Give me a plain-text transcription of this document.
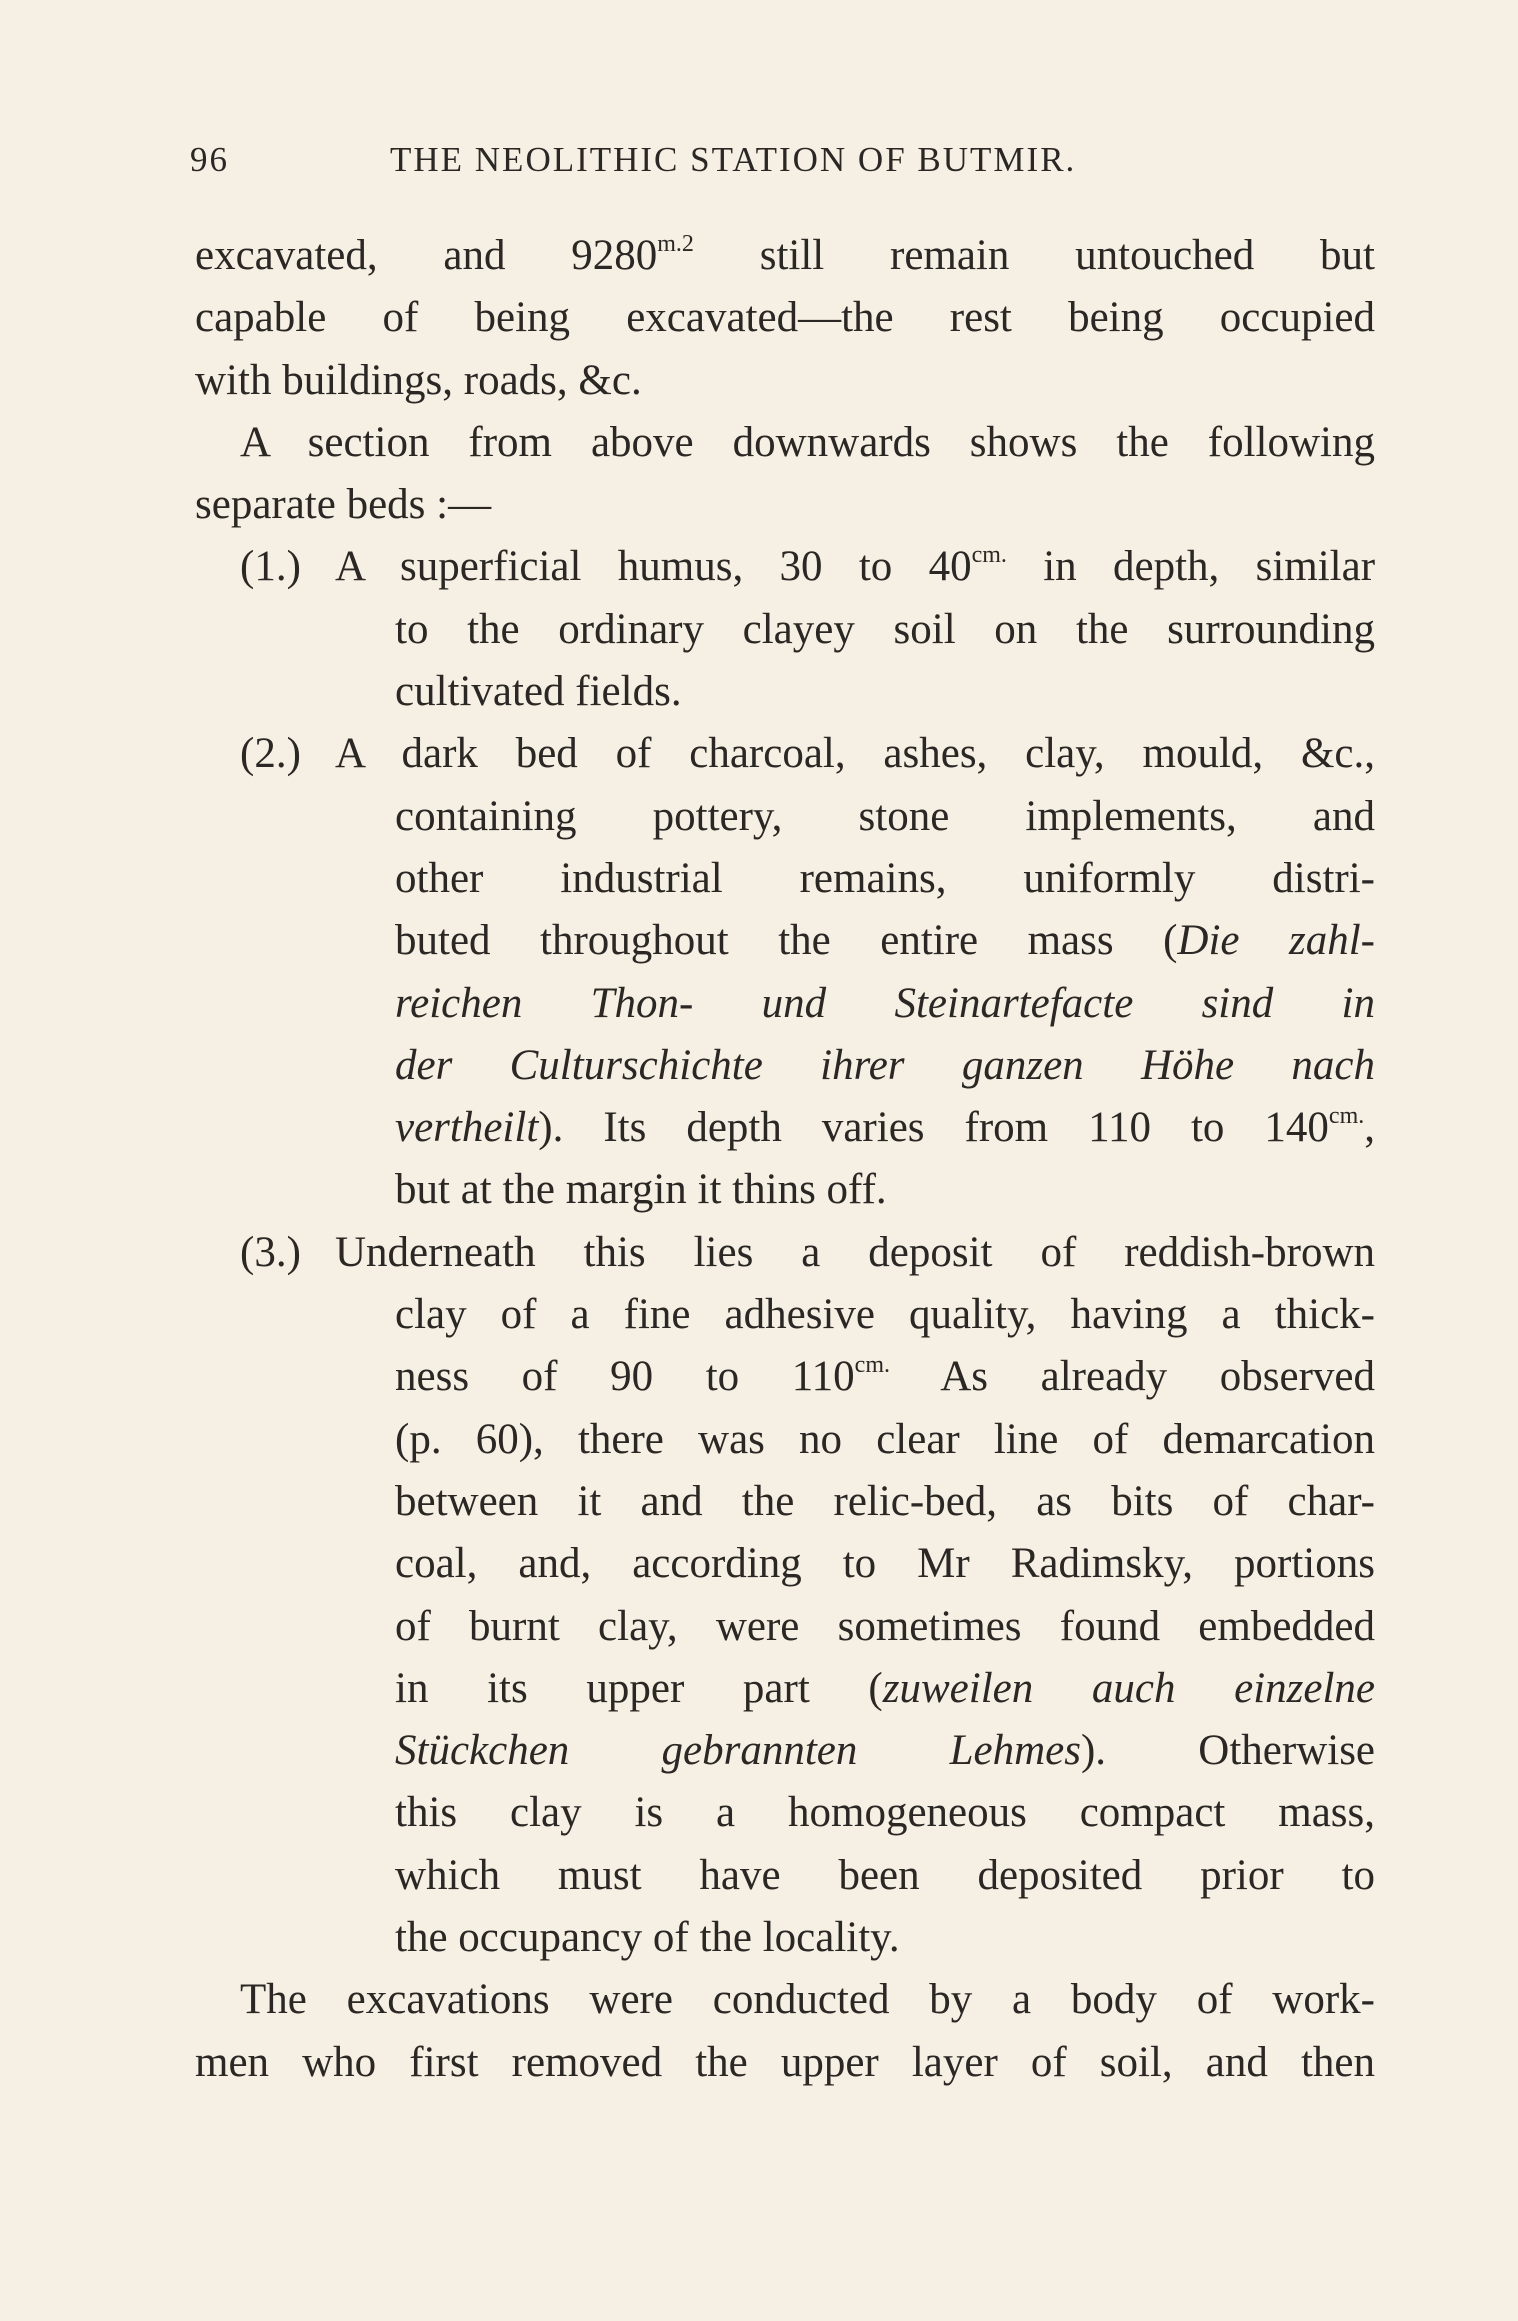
96	THE NEOLITHIC STATION OF BUTMIR.
excavated, and $9280^{m.2}$ still remain untouched but
capable of being excavated—the rest being occupied
with buildings, roads, &c.
A section from above downwards shows the following
separate beds :—
(1.) A superficial humus, 30 to $40^{cm.}$ in depth, similar
to the ordinary clayey soil on the surrounding
cultivated fields.
(2.) A dark bed of charcoal, ashes, clay, mould, &c.,
containing pottery, stone implements, and
other industrial remains, uniformly distri-
buted throughout the entire mass (Die zahl-
reichen Thon- und Steinartefacte sind in
der Culturschichte ihrer ganzen Höhe nach
vertheilt). Its depth varies from 110 to $140^{cm.}$,
but at the margin it thins off.
(3.) Underneath this lies a deposit of reddish-brown
clay of a fine adhesive quality, having a thick-
ness of 90 to $110^{cm.}$ As already observed
(p. 60), there was no clear line of demarcation
between it and the relic-bed, as bits of char-
coal, and, according to Mr Radimsky, portions
of burnt clay, were sometimes found embedded
in its upper part (zuweilen auch einzelne
Stückchen gebrannten Lehmes). Otherwise
this clay is a homogeneous compact mass,
which must have been deposited prior to
the occupancy of the locality.
The excavations were conducted by a body of work-
men who first removed the upper layer of soil, and then
